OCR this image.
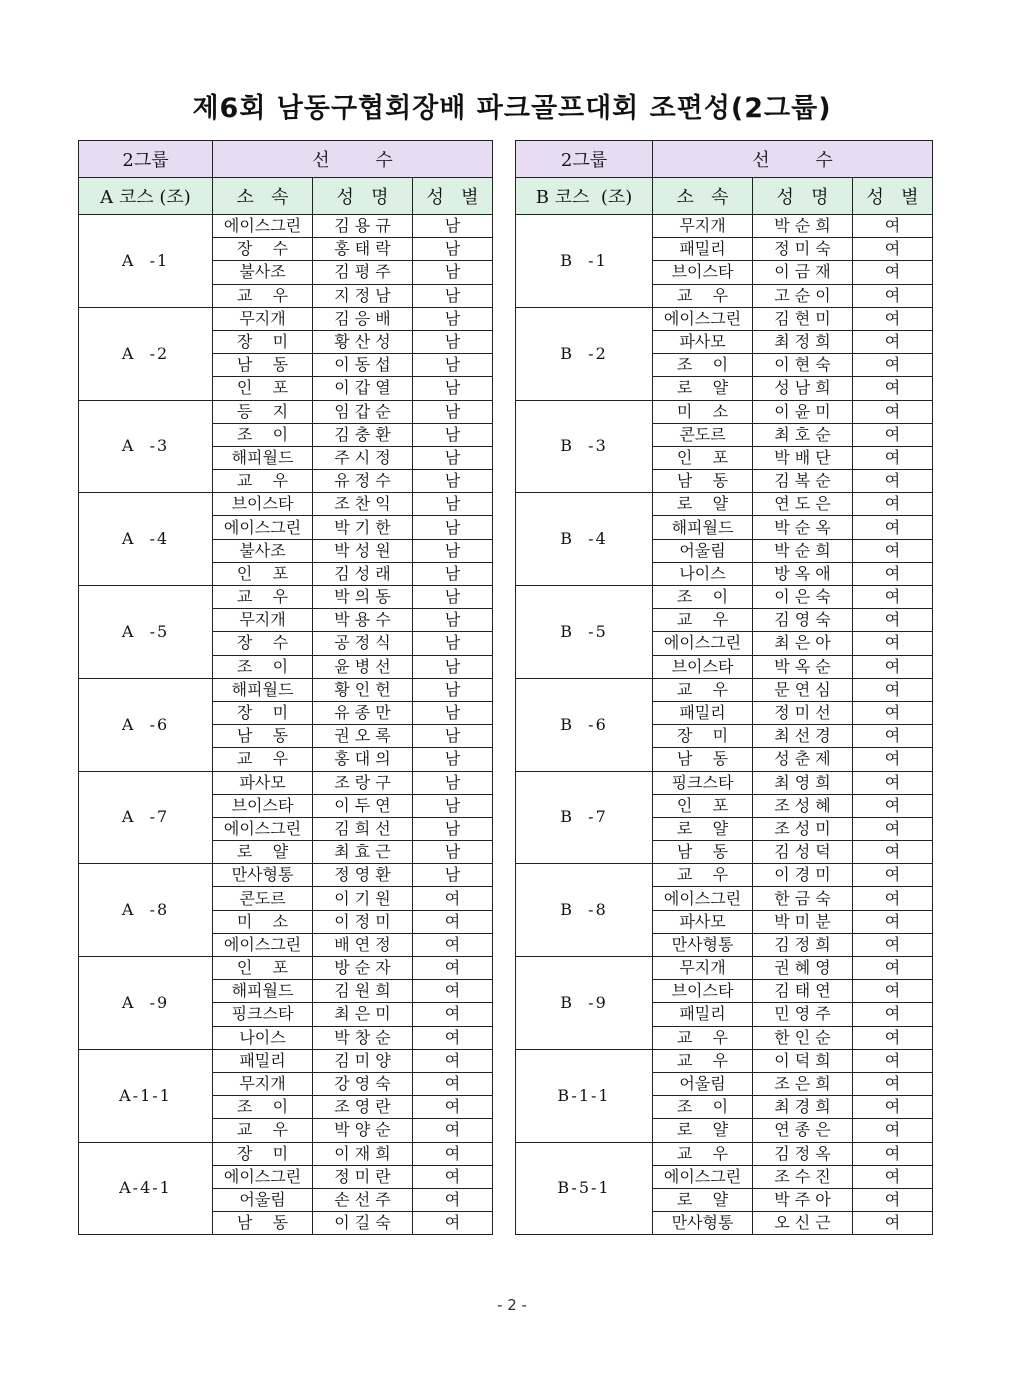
제6회 남동구협회장배 파크골프대회 조편성(2그룹)
2그룹	선        수		
A 코스 (조)	소   속	성   명	성   별
A  -1	에이스그린	김 용 규	남
	장    수	홍 태 락	남
	불사조	김 평 주	남
	교    우	지 정 남	남
A  -2	무지개	김 응 배	남
	장    미	황 산 성	남
	남    동	이 동 섭	남
	인    포	이 갑 열	남
A  -3	등    지	임 갑 순	남
	조    이	김 충 환	남
	해피월드	주 시 정	남
	교    우	유 정 수	남
A  -4	브이스타	조 찬 익	남
	에이스그린	박 기 한	남
	불사조	박 성 원	남
	인    포	김 성 래	남
A  -5	교    우	박 의 동	남
	무지개	박 용 수	남
	장    수	공 정 식	남
	조    이	윤 병 선	남
A  -6	해피월드	황 인 헌	남
	장    미	유 종 만	남
	남    동	권 오 록	남
	교    우	홍 대 의	남
A  -7	파사모	조 랑 구	남
	브이스타	이 두 연	남
	에이스그린	김 희 선	남
	로    얄	최 효 근	남
A  -8	만사형통	정 영 환	남
	콘도르	이 기 원	여
	미    소	이 정 미	여
	에이스그린	배 연 정	여
A  -9	인    포	방 순 자	여
	해피월드	김 원 희	여
	핑크스타	최 은 미	여
	나이스	박 창 순	여
A-1-1	패밀리	김 미 양	여
	무지개	강 영 숙	여
	조    이	조 영 란	여
	교    우	박 양 순	여
A-4-1	장    미	이 재 희	여
	에이스그린	정 미 란	여
	어울림	손 선 주	여
	남    동	이 길 숙	여
2그룹	선        수		
B 코스  (조)	소   속	성   명	성   별
B  -1	무지개	박 순 희	여
	패밀리	정 미 숙	여
	브이스타	이 금 재	여
	교    우	고 순 이	여
B  -2	에이스그린	김 현 미	여
	파사모	최 정 희	여
	조    이	이 현 숙	여
	로    얄	성 남 희	여
B  -3	미    소	이 윤 미	여
	콘도르	최 호 순	여
	인    포	박 배 단	여
	남    동	김 복 순	여
B  -4	로    얄	연 도 은	여
	해피월드	박 순 옥	여
	어울림	박 순 희	여
	나이스	방 옥 애	여
B  -5	조    이	이 은 숙	여
	교    우	김 영 숙	여
	에이스그린	최 은 아	여
	브이스타	박 옥 순	여
B  -6	교    우	문 연 심	여
	패밀리	정 미 선	여
	장    미	최 선 경	여
	남    동	성 춘 제	여
B  -7	핑크스타	최 영 희	여
	인    포	조 성 혜	여
	로    얄	조 성 미	여
	남    동	김 성 덕	여
B  -8	교    우	이 경 미	여
	에이스그린	한 금 숙	여
	파사모	박 미 분	여
	만사형통	김 정 희	여
B  -9	무지개	권 혜 영	여
	브이스타	김 태 연	여
	패밀리	민 영 주	여
	교    우	한 인 순	여
B-1-1	교    우	이 덕 희	여
	어울림	조 은 희	여
	조    이	최 경 희	여
	로    얄	연 종 은	여
B-5-1	교    우	김 정 옥	여
	에이스그린	조 수 진	여
	로    얄	박 주 아	여
	만사형통	오 신 근	여
- 2 -
